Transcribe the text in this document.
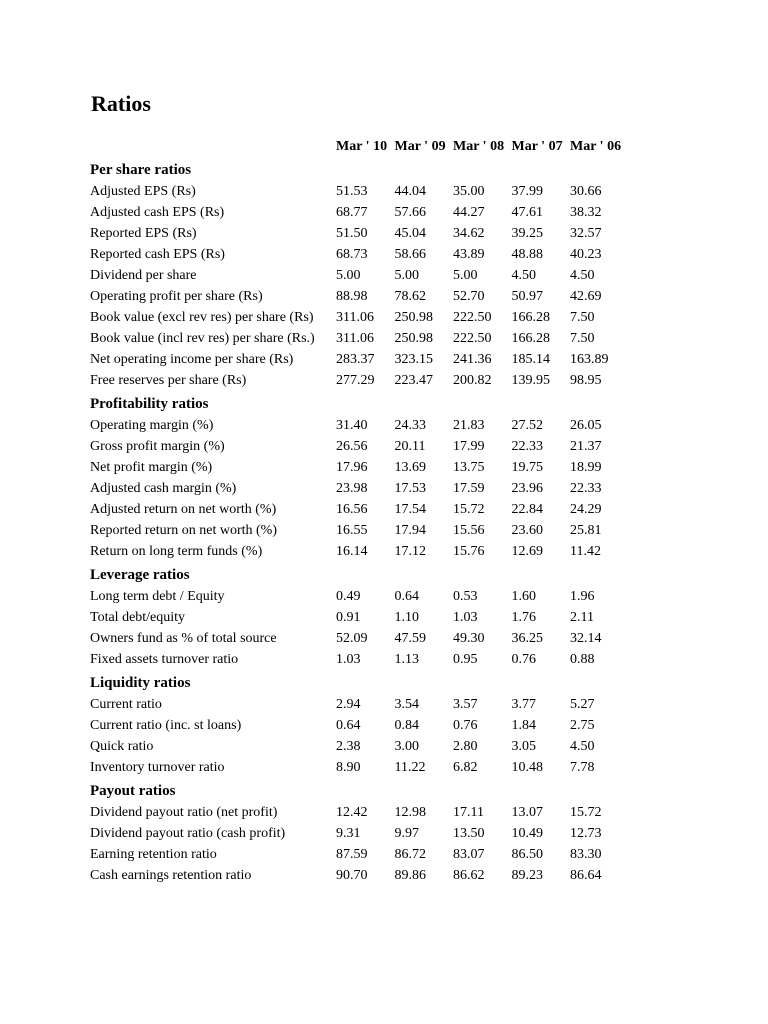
Ratios
	Mar ' 10	Mar ' 09	Mar ' 08	Mar ' 07	Mar ' 06
Per share ratios					
Adjusted EPS (Rs)	51.53	44.04	35.00	37.99	30.66
Adjusted cash EPS (Rs)	68.77	57.66	44.27	47.61	38.32
Reported EPS (Rs)	51.50	45.04	34.62	39.25	32.57
Reported cash EPS (Rs)	68.73	58.66	43.89	48.88	40.23
Dividend per share	5.00	5.00	5.00	4.50	4.50
Operating profit per share (Rs)	88.98	78.62	52.70	50.97	42.69
Book value (excl rev res) per share (Rs)	311.06	250.98	222.50	166.28	7.50
Book value (incl rev res) per share (Rs.)	311.06	250.98	222.50	166.28	7.50
Net operating income per share (Rs)	283.37	323.15	241.36	185.14	163.89
Free reserves per share (Rs)	277.29	223.47	200.82	139.95	98.95
Profitability ratios					
Operating margin (%)	31.40	24.33	21.83	27.52	26.05
Gross profit margin (%)	26.56	20.11	17.99	22.33	21.37
Net profit margin (%)	17.96	13.69	13.75	19.75	18.99
Adjusted cash margin (%)	23.98	17.53	17.59	23.96	22.33
Adjusted return on net worth (%)	16.56	17.54	15.72	22.84	24.29
Reported return on net worth (%)	16.55	17.94	15.56	23.60	25.81
Return on long term funds (%)	16.14	17.12	15.76	12.69	11.42
Leverage ratios					
Long term debt / Equity	0.49	0.64	0.53	1.60	1.96
Total debt/equity	0.91	1.10	1.03	1.76	2.11
Owners fund as % of total source	52.09	47.59	49.30	36.25	32.14
Fixed assets turnover ratio	1.03	1.13	0.95	0.76	0.88
Liquidity ratios					
Current ratio	2.94	3.54	3.57	3.77	5.27
Current ratio (inc. st loans)	0.64	0.84	0.76	1.84	2.75
Quick ratio	2.38	3.00	2.80	3.05	4.50
Inventory turnover ratio	8.90	11.22	6.82	10.48	7.78
Payout ratios					
Dividend payout ratio (net profit)	12.42	12.98	17.11	13.07	15.72
Dividend payout ratio (cash profit)	9.31	9.97	13.50	10.49	12.73
Earning retention ratio	87.59	86.72	83.07	86.50	83.30
Cash earnings retention ratio	90.70	89.86	86.62	89.23	86.64
